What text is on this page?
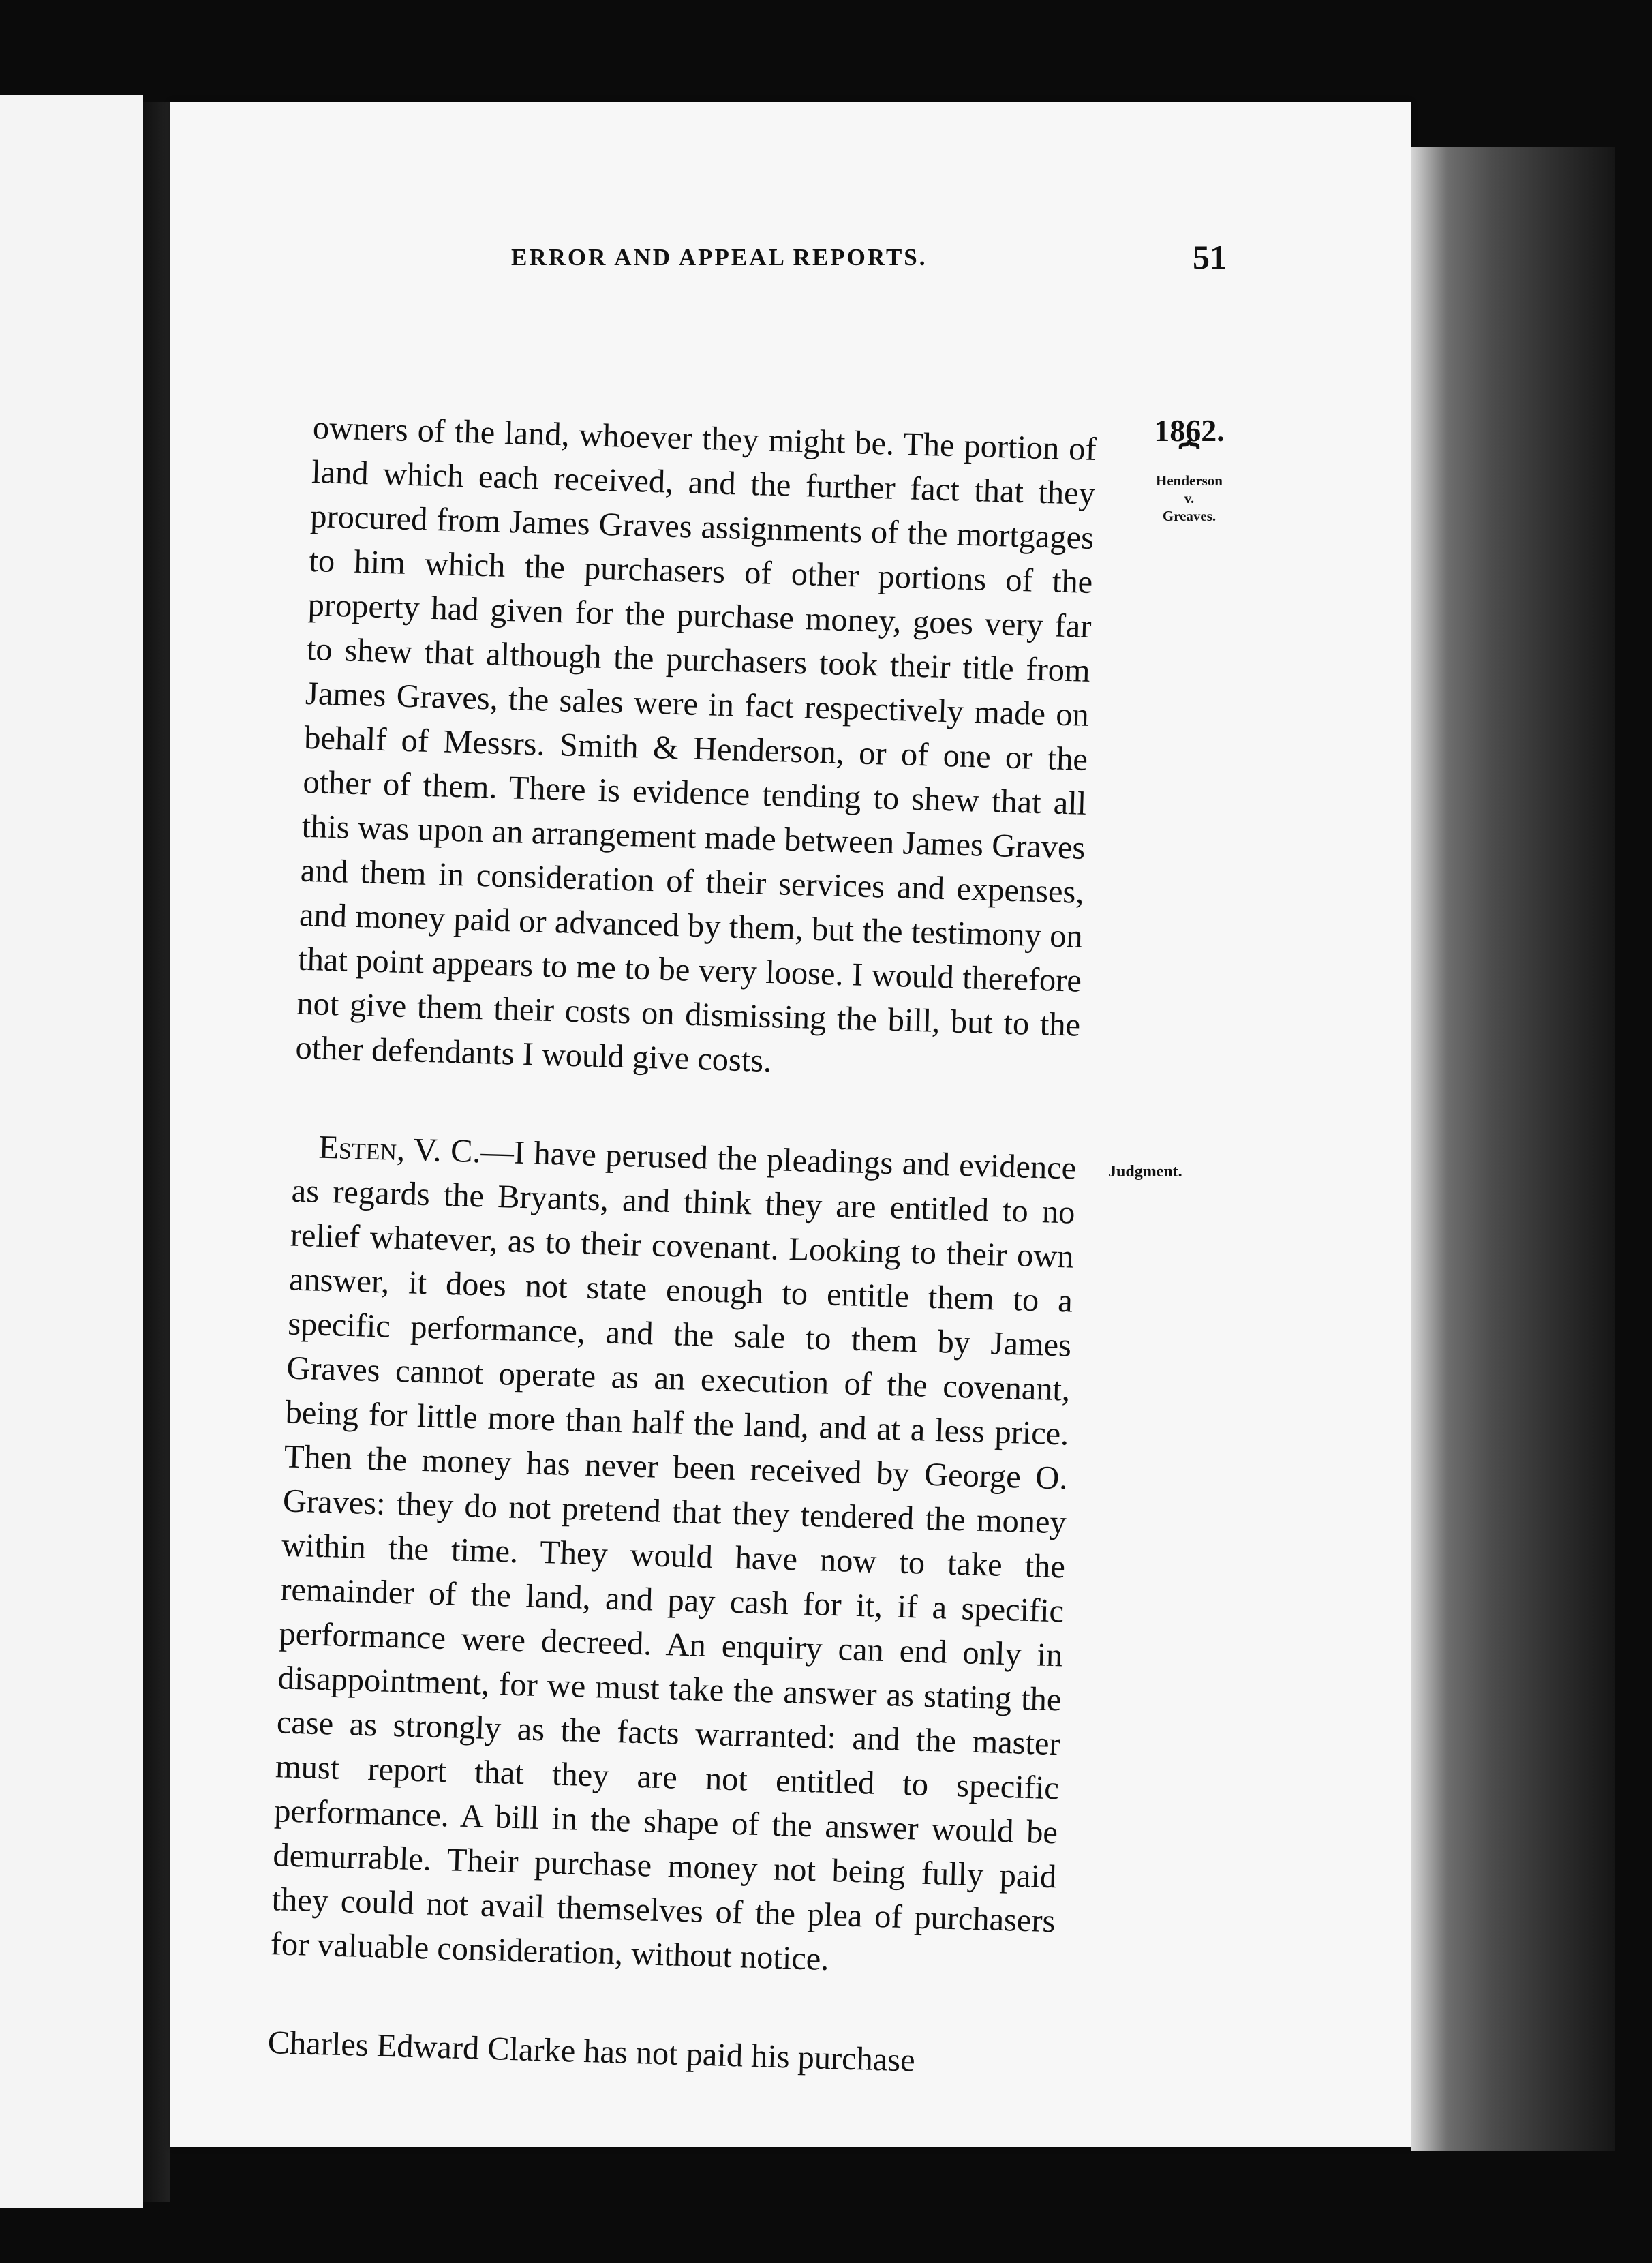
ERROR AND APPEAL REPORTS.	51
1862.
⏞
Henderson
v.
Greaves.
Judgment.

owners of the land, whoever they might be. The portion of land which each received, and the further fact that they procured from James Graves assignments of the mortgages to him which the purchasers of other portions of the property had given for the purchase money, goes very far to shew that although the purchasers took their title from James Graves, the sales were in fact respectively made on behalf of Messrs. Smith & Henderson, or of one or the other of them. There is evidence tending to shew that all this was upon an arrangement made between James Graves and them in consideration of their services and expenses, and money paid or advanced by them, but the testimony on that point appears to me to be very loose. I would therefore not give them their costs on dismissing the bill, but to the other defendants I would give costs.

Esten, V. C.—I have perused the pleadings and evidence as regards the Bryants, and think they are entitled to no relief whatever, as to their covenant. Looking to their own answer, it does not state enough to entitle them to a specific performance, and the sale to them by James Graves cannot operate as an execution of the covenant, being for little more than half the land, and at a less price. Then the money has never been received by George O. Graves: they do not pretend that they tendered the money within the time. They would have now to take the remainder of the land, and pay cash for it, if a specific performance were decreed. An enquiry can end only in disappointment, for we must take the answer as stating the case as strongly as the facts warranted: and the master must report that they are not entitled to specific performance. A bill in the shape of the answer would be demurrable. Their purchase money not being fully paid they could not avail themselves of the plea of purchasers for valuable consideration, without notice.

Charles Edward Clarke has not paid his purchase
